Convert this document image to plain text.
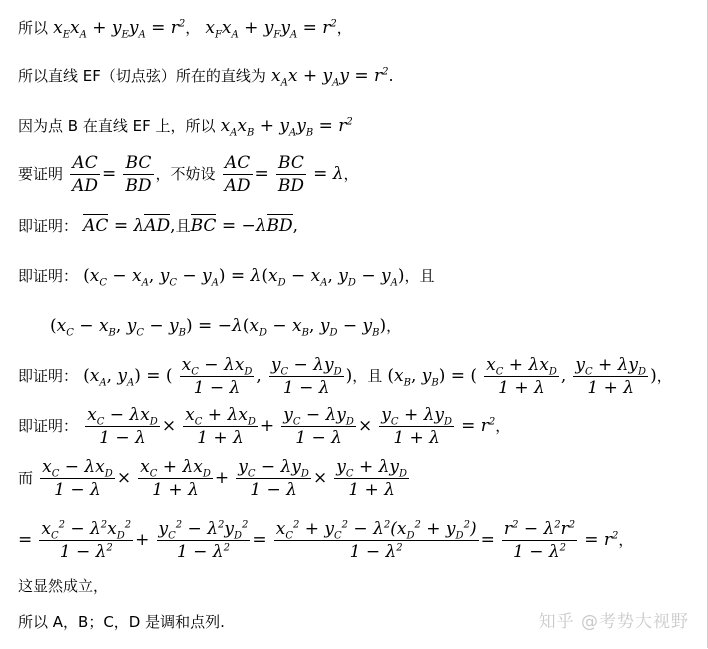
所以 $x_Ex_A + y_Ey_A = r^2$， $x_Fx_A + y_Fy_A = r^2$，
所以直线 EF（切点弦）所在的直线为 $x_Ax + y_Ay = r^2$.
因为点 B 在直线 EF 上，所以 $x_Ax_B + y_Ay_B = r^2$
要证明 $\frac{AC}{AD} = \frac{BC}{BD}$ ，不妨设 $\frac{AC}{AD} = \frac{BC}{BD} = \lambda$，
即证明： AC = λAD,且BC = −λBD,
即证明： ($x_C - x_A$, $y_C - y_A) = \lambda(x_D - x_A$, $y_D - y_A$)，且
($x_C - x_B$, $y_C - y_B) = -\lambda(x_D - x_B$, $y_D - y_B$)，
即证明： ($x_A$, $y_A$) = ( $\frac{x_C - \lambda x_D}{1 - \lambda}$ , $\frac{y_C - \lambda y_D}{1 - \lambda}$ )，且 ($x_B$, $y_B$) = ( $\frac{x_C + \lambda x_D}{1 + \lambda}$ , $\frac{y_C + \lambda y_D}{1 + \lambda}$ )，
即证明： $\frac{x_C - \lambda x_D}{1 - \lambda} \times \frac{x_C + \lambda x_D}{1 + \lambda} + \frac{y_C - \lambda y_D}{1 - \lambda} \times \frac{y_C + \lambda y_D}{1 + \lambda} = r^2$，
而 $\frac{x_C - \lambda x_D}{1 - \lambda} \times \frac{x_C + \lambda x_D}{1 + \lambda} + \frac{y_C - \lambda y_D}{1 - \lambda} \times \frac{y_C + \lambda y_D}{1 + \lambda}$
= $\frac{x_C^2 - \lambda^2x_D^2}{1 - \lambda^2} + \frac{y_C^2 - \lambda^2y_D^2}{1 - \lambda^2} = \frac{x_C^2 + y_C^2 - \lambda^2(x_D^2 + y_D^2)}{1 - \lambda^2} = \frac{r^2 - \lambda^2r^2}{1 - \lambda^2} = r^2$，
这显然成立，
所以 A，B；C，D 是调和点列.	知乎 @考势大视野
